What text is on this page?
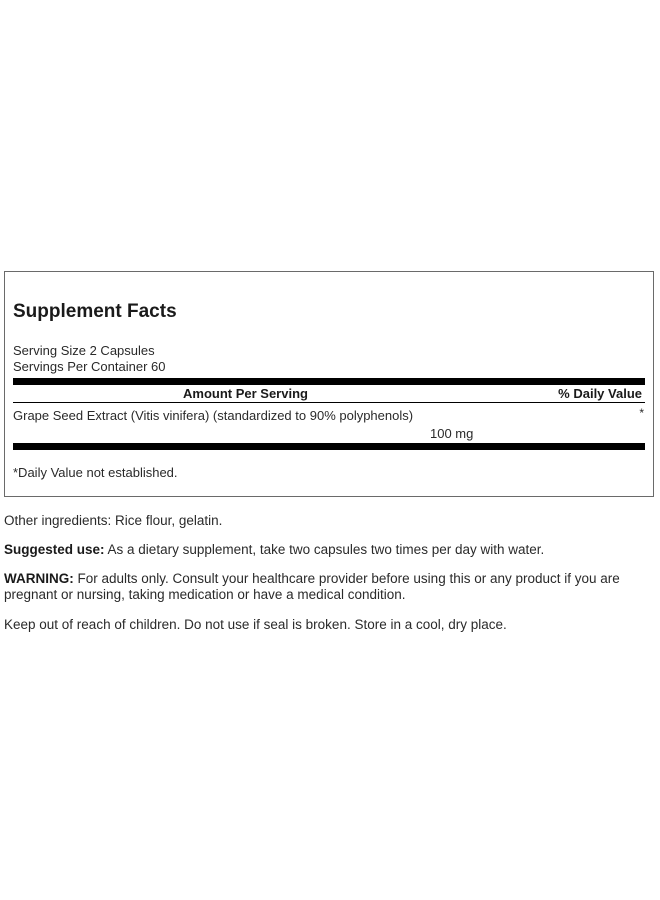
Supplement Facts
Serving Size 2 Capsules
Servings Per Container 60
Amount Per Serving	% Daily Value
Grape Seed Extract (Vitis vinifera) (standardized to 90% polyphenols)	*
100 mg
*Daily Value not established.
Other ingredients: Rice flour, gelatin.
Suggested use: As a dietary supplement, take two capsules two times per day with water.
WARNING: For adults only. Consult your healthcare provider before using this or any product if you are pregnant or nursing, taking medication or have a medical condition.
Keep out of reach of children. Do not use if seal is broken. Store in a cool, dry place.
